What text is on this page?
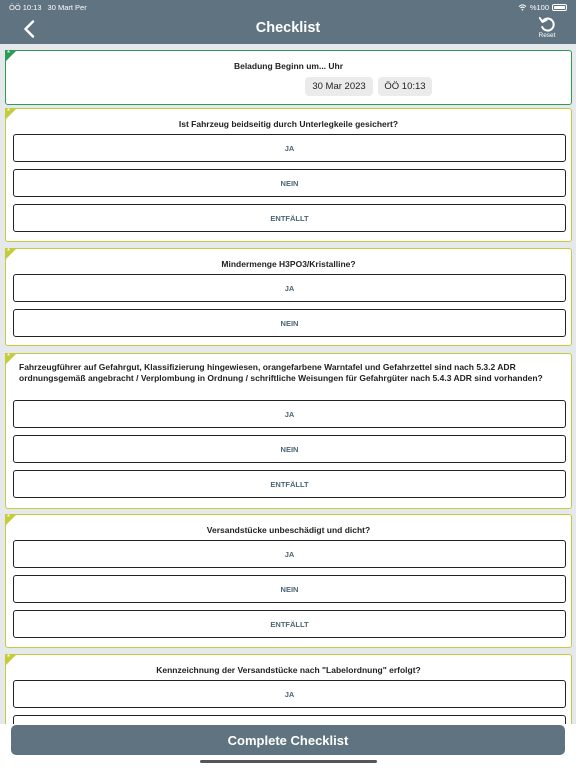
ÖÖ 10:13 30 Mart Per	%100
Checklist	Reset
*
Beladung Beginn um... Uhr
30 Mar 2023	ÖÖ 10:13
*
Ist Fahrzeug beidseitig durch Unterlegkeile gesichert?
JA
NEIN
ENTFÄLLT
*
Mindermenge H3PO3/Kristalline?
JA
NEIN
*
Fahrzeugführer auf Gefahrgut, Klassifizierung hingewiesen, orangefarbene Warntafel und Gefahrzettel sind nach 5.3.2 ADR ordnungsgemäß angebracht / Verplombung in Ordnung / schriftliche Weisungen für Gefahrgüter nach 5.4.3 ADR sind vorhanden?
JA
NEIN
ENTFÄLLT
*
Versandstücke unbeschädigt und dicht?
JA
NEIN
ENTFÄLLT
*
Kennzeichnung der Versandstücke nach "Labelordnung" erfolgt?
JA
Complete Checklist
